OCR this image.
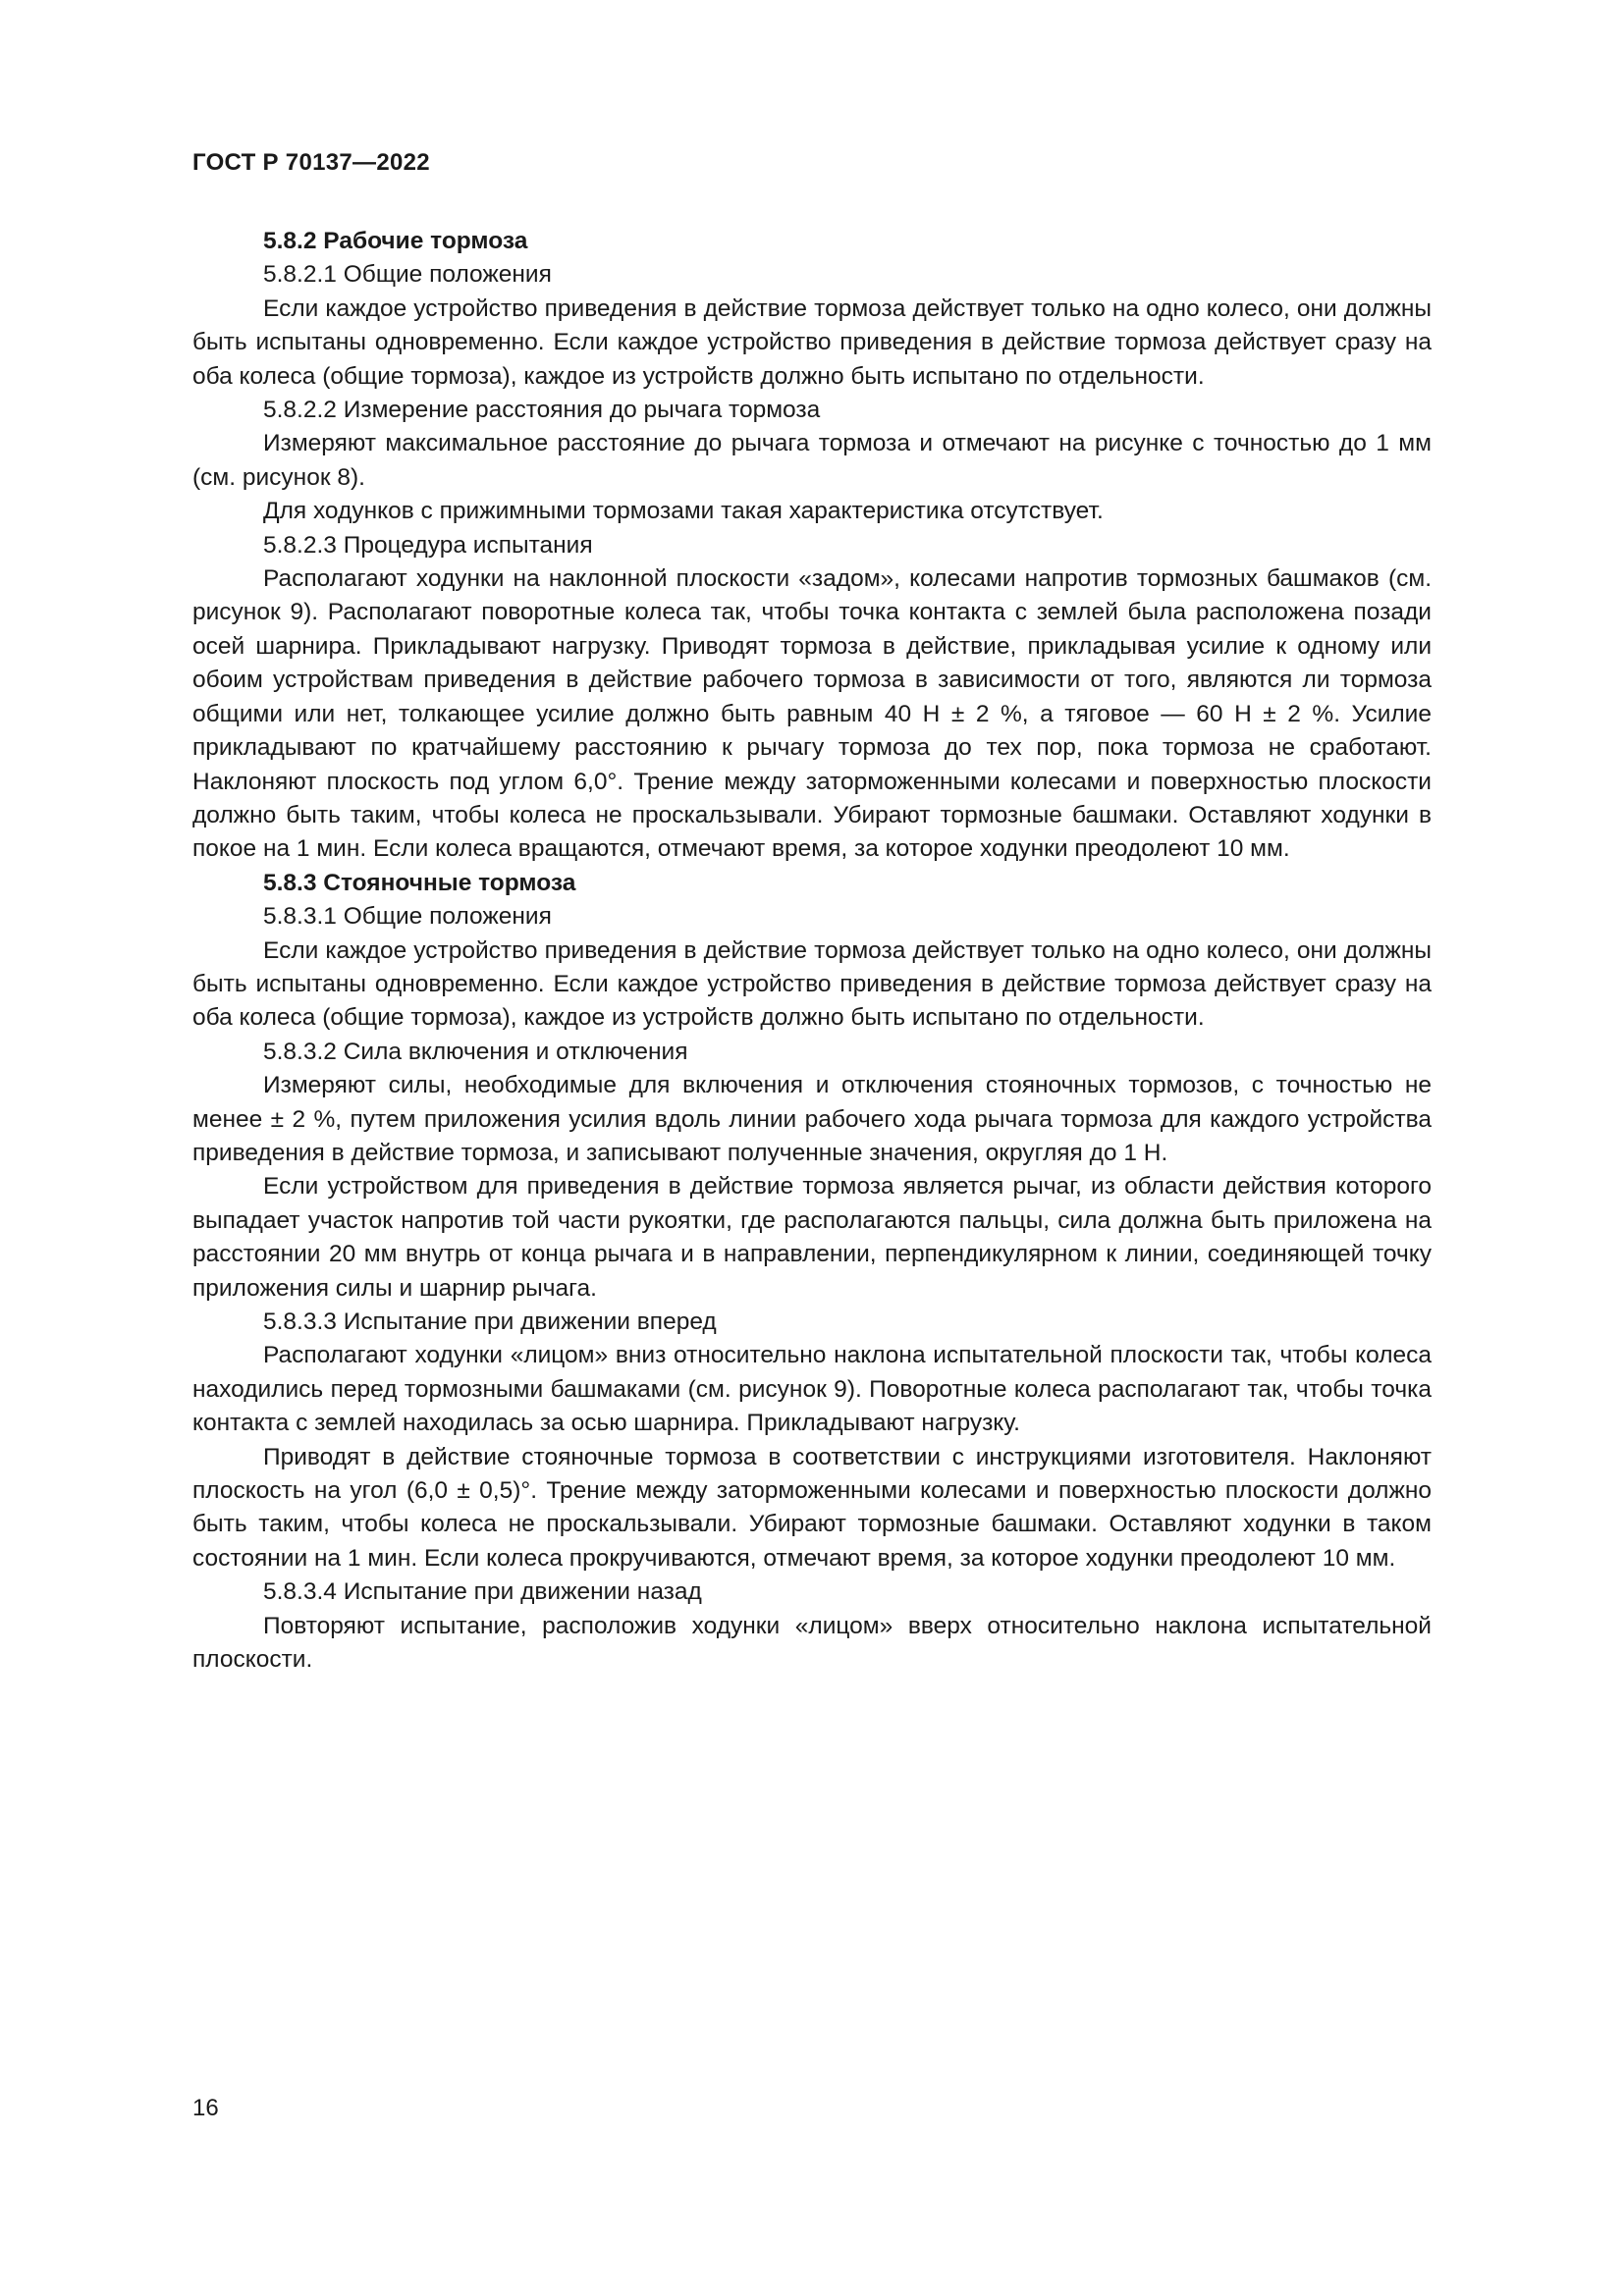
ГОСТ Р 70137—2022

5.8.2 Рабочие тормоза

5.8.2.1 Общие положения

Если каждое устройство приведения в действие тормоза действует только на одно колесо, они должны быть испытаны одновременно. Если каждое устройство приведения в действие тормоза действует сразу на оба колеса (общие тормоза), каждое из устройств должно быть испытано по отдельности.

5.8.2.2 Измерение расстояния до рычага тормоза

Измеряют максимальное расстояние до рычага тормоза и отмечают на рисунке с точностью до 1 мм (см. рисунок 8).

Для ходунков с прижимными тормозами такая характеристика отсутствует.

5.8.2.3 Процедура испытания

Располагают ходунки на наклонной плоскости «задом», колесами напротив тормозных башмаков (см. рисунок 9). Располагают поворотные колеса так, чтобы точка контакта с землей была расположена позади осей шарнира. Прикладывают нагрузку. Приводят тормоза в действие, прикладывая усилие к одному или обоим устройствам приведения в действие рабочего тормоза в зависимости от того, являются ли тормоза общими или нет, толкающее усилие должно быть равным 40 Н ± 2 %, а тяговое — 60 Н ± 2 %. Усилие прикладывают по кратчайшему расстоянию к рычагу тормоза до тех пор, пока тормоза не сработают. Наклоняют плоскость под углом 6,0°. Трение между заторможенными колесами и поверхностью плоскости должно быть таким, чтобы колеса не проскальзывали. Убирают тормозные башмаки. Оставляют ходунки в покое на 1 мин. Если колеса вращаются, отмечают время, за которое ходунки преодолеют 10 мм.

5.8.3 Стояночные тормоза

5.8.3.1 Общие положения

Если каждое устройство приведения в действие тормоза действует только на одно колесо, они должны быть испытаны одновременно. Если каждое устройство приведения в действие тормоза действует сразу на оба колеса (общие тормоза), каждое из устройств должно быть испытано по отдельности.

5.8.3.2 Сила включения и отключения

Измеряют силы, необходимые для включения и отключения стояночных тормозов, с точностью не менее ± 2 %, путем приложения усилия вдоль линии рабочего хода рычага тормоза для каждого устройства приведения в действие тормоза, и записывают полученные значения, округляя до 1 Н.

Если устройством для приведения в действие тормоза является рычаг, из области действия которого выпадает участок напротив той части рукоятки, где располагаются пальцы, сила должна быть приложена на расстоянии 20 мм внутрь от конца рычага и в направлении, перпендикулярном к линии, соединяющей точку приложения силы и шарнир рычага.

5.8.3.3 Испытание при движении вперед

Располагают ходунки «лицом» вниз относительно наклона испытательной плоскости так, чтобы колеса находились перед тормозными башмаками (см. рисунок 9). Поворотные колеса располагают так, чтобы точка контакта с землей находилась за осью шарнира. Прикладывают нагрузку.

Приводят в действие стояночные тормоза в соответствии с инструкциями изготовителя. Наклоняют плоскость на угол (6,0 ± 0,5)°. Трение между заторможенными колесами и поверхностью плоскости должно быть таким, чтобы колеса не проскальзывали. Убирают тормозные башмаки. Оставляют ходунки в таком состоянии на 1 мин. Если колеса прокручиваются, отмечают время, за которое ходунки преодолеют 10 мм.

5.8.3.4 Испытание при движении назад

Повторяют испытание, расположив ходунки «лицом» вверх относительно наклона испытательной плоскости.

16
